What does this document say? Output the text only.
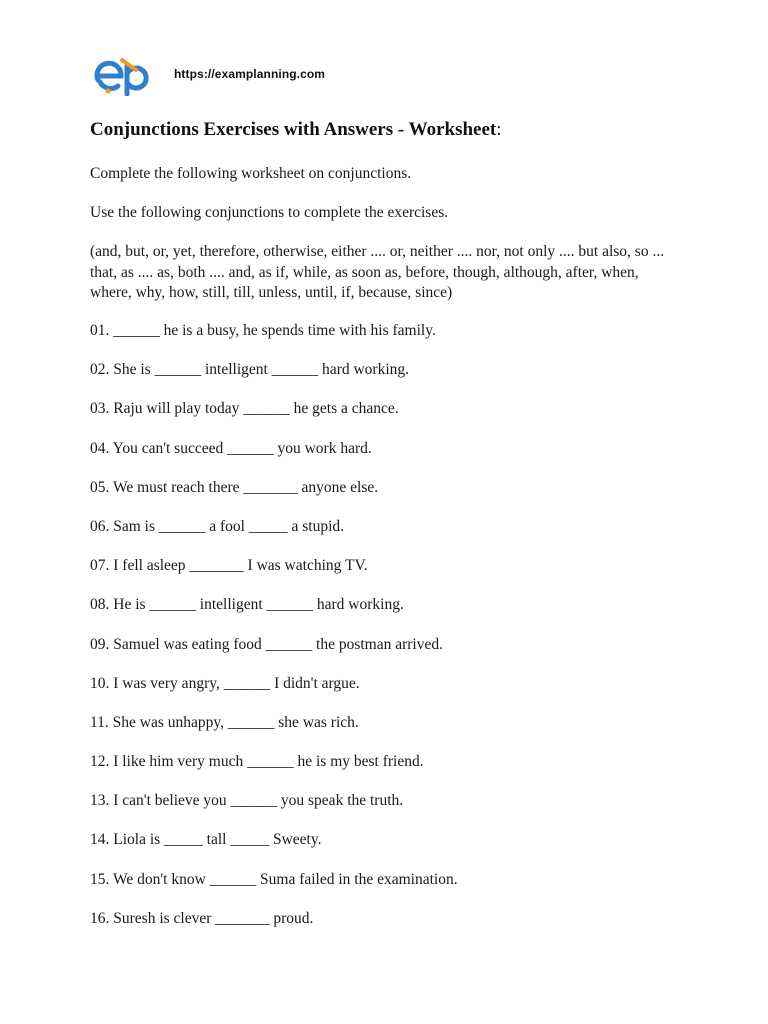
https://examplanning.com
Conjunctions Exercises with Answers - Worksheet:

Complete the following worksheet on conjunctions.

Use the following conjunctions to complete the exercises.

(and, but, or, yet, therefore, otherwise, either .... or, neither .... nor, not only .... but also, so ... that, as .... as, both .... and, as if, while, as soon as, before, though, although, after, when, where, why, how, still, till, unless, until, if, because, since)

01. ______ he is a busy, he spends time with his family.
02. She is ______ intelligent ______ hard working.
03. Raju will play today ______ he gets a chance.
04. You can't succeed ______ you work hard.
05. We must reach there _______ anyone else.
06. Sam is ______ a fool _____ a stupid.
07. I fell asleep _______ I was watching TV.
08. He is ______ intelligent ______ hard working.
09. Samuel was eating food ______ the postman arrived.
10. I was very angry, ______ I didn't argue.
11. She was unhappy, ______ she was rich.
12. I like him very much ______ he is my best friend.
13. I can't believe you ______ you speak the truth.
14. Liola is _____ tall _____ Sweety.
15. We don't know ______ Suma failed in the examination.
16. Suresh is clever _______ proud.
